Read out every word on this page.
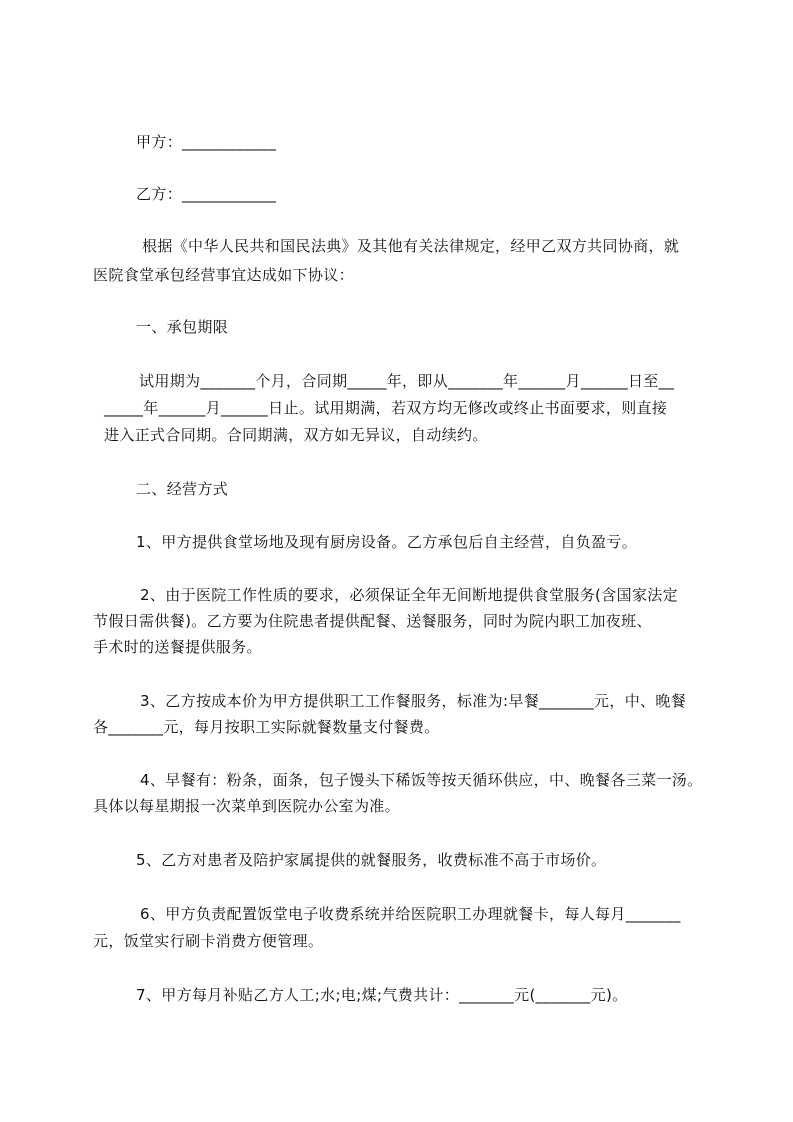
甲方：____________

乙方：____________

根据《中华人民共和国民法典》及其他有关法律规定，经甲乙双方共同协商，就

医院食堂承包经营事宜达成如下协议：

一、承包期限

试用期为_______个月，合同期_____年，即从_______年______月______日至__

_____年______月______日止。试用期满，若双方均无修改或终止书面要求，则直接

进入正式合同期。合同期满，双方如无异议，自动续约。

二、经营方式

1、甲方提供食堂场地及现有厨房设备。乙方承包后自主经营，自负盈亏。

2、由于医院工作性质的要求，必须保证全年无间断地提供食堂服务(含国家法定

节假日需供餐)。乙方要为住院患者提供配餐、送餐服务，同时为院内职工加夜班、

手术时的送餐提供服务。

3、乙方按成本价为甲方提供职工工作餐服务，标准为:早餐_______元，中、晚餐

各_______元，每月按职工实际就餐数量支付餐费。

4、早餐有：粉条，面条，包子馒头下稀饭等按天循环供应，中、晚餐各三菜一汤。

具体以每星期报一次菜单到医院办公室为准。

5、乙方对患者及陪护家属提供的就餐服务，收费标准不高于市场价。

6、甲方负责配置饭堂电子收费系统并给医院职工办理就餐卡，每人每月_______

元，饭堂实行刷卡消费方便管理。

7、甲方每月补贴乙方人工;水;电;煤;气费共计：_______元(_______元)。
